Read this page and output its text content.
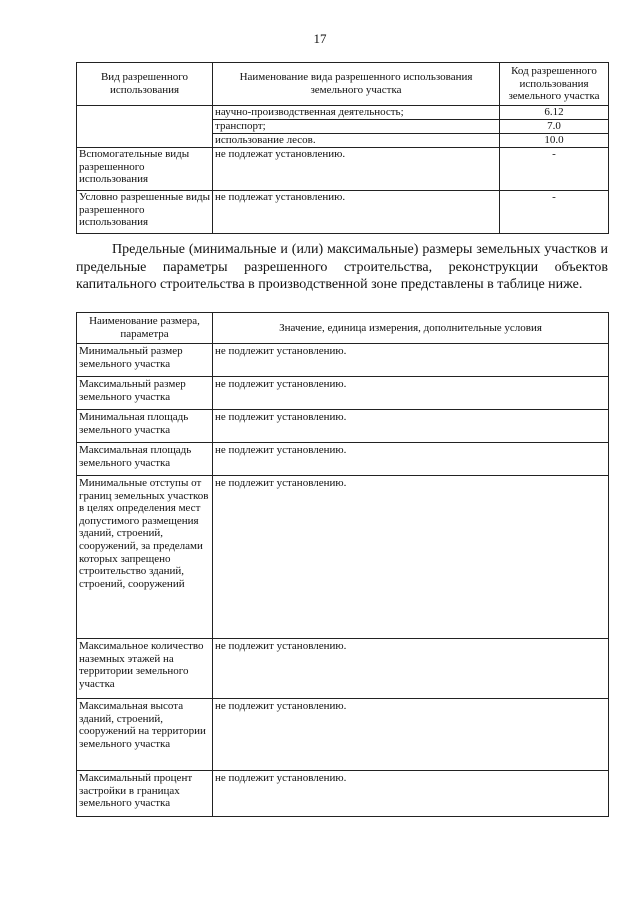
17
Вид разрешенного использования	Наименование вида разрешенного использования земельного участка	Код разрешенного использования земельного участка
	научно-производственная деятельность;	6.12
	транспорт;	7.0
	использование лесов.	10.0
Вспомогательные виды разрешенного использования	не подлежат установлению.	-
Условно разрешенные виды разрешенного использования	не подлежат установлению.	-

Предельные (минимальные и (или) максимальные) размеры земельных участков и предельные параметры разрешенного строительства, реконструкции объектов капитального строительства в производственной зоне представлены в таблице ниже.

Наименование размера, параметра	Значение, единица измерения, дополнительные условия
Минимальный размер земельного участка	не подлежит установлению.
Максимальный размер земельного участка	не подлежит установлению.
Минимальная площадь земельного участка	не подлежит установлению.
Максимальная площадь земельного участка	не подлежит установлению.
Минимальные отступы от границ земельных участков в целях определения мест допустимого размещения зданий, строений, сооружений, за пределами которых запрещено строительство зданий, строений, сооружений	не подлежит установлению.
Максимальное количество наземных этажей на территории земельного участка	не подлежит установлению.
Максимальная высота зданий, строений, сооружений на территории земельного участка	не подлежит установлению.
Максимальный процент застройки в границах земельного участка	не подлежит установлению.
